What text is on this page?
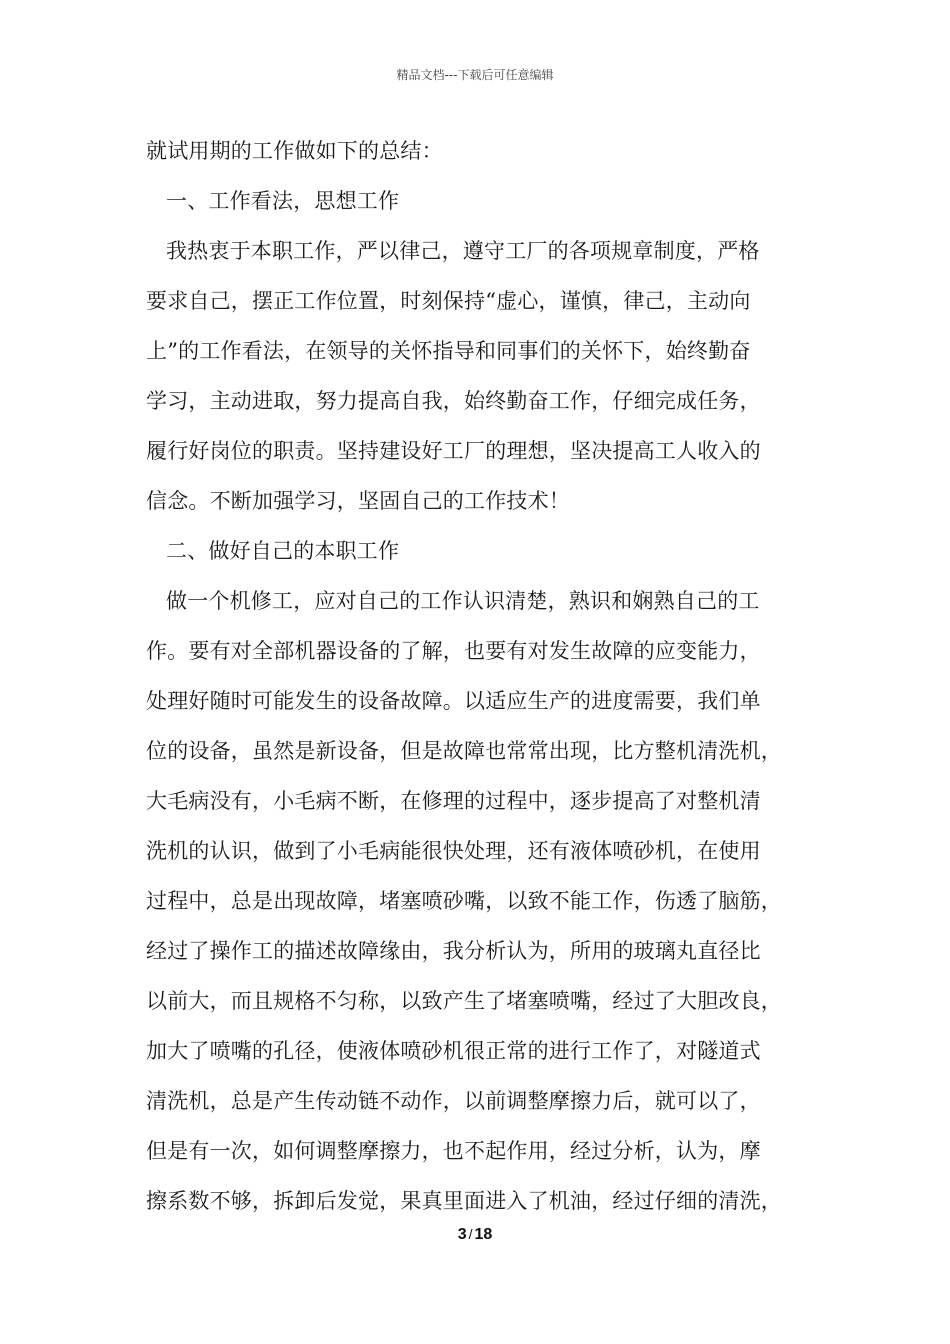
精品文档---下载后可任意编辑
就试用期的工作做如下的总结：
一、工作看法，思想工作
我热衷于本职工作，严以律己，遵守工厂的各项规章制度，严格
要求自己，摆正工作位置，时刻保持“虚心，谨慎，律己，主动向
上”的工作看法，在领导的关怀指导和同事们的关怀下，始终勤奋
学习，主动进取，努力提高自我，始终勤奋工作，仔细完成任务，
履行好岗位的职责。坚持建设好工厂的理想，坚决提高工人收入的
信念。不断加强学习，坚固自己的工作技术！
二、做好自己的本职工作
做一个机修工，应对自己的工作认识清楚，熟识和娴熟自己的工
作。要有对全部机器设备的了解，也要有对发生故障的应变能力，
处理好随时可能发生的设备故障。以适应生产的进度需要，我们单
位的设备，虽然是新设备，但是故障也常常出现，比方整机清洗机，
大毛病没有，小毛病不断，在修理的过程中，逐步提高了对整机清
洗机的认识，做到了小毛病能很快处理，还有液体喷砂机，在使用
过程中，总是出现故障，堵塞喷砂嘴，以致不能工作，伤透了脑筋，
经过了操作工的描述故障缘由，我分析认为，所用的玻璃丸直径比
以前大，而且规格不匀称，以致产生了堵塞喷嘴，经过了大胆改良，
加大了喷嘴的孔径，使液体喷砂机很正常的进行工作了，对隧道式
清洗机，总是产生传动链不动作，以前调整摩擦力后，就可以了，
但是有一次，如何调整摩擦力，也不起作用，经过分析，认为，摩
擦系数不够，拆卸后发觉，果真里面进入了机油，经过仔细的清洗，
3 / 18
